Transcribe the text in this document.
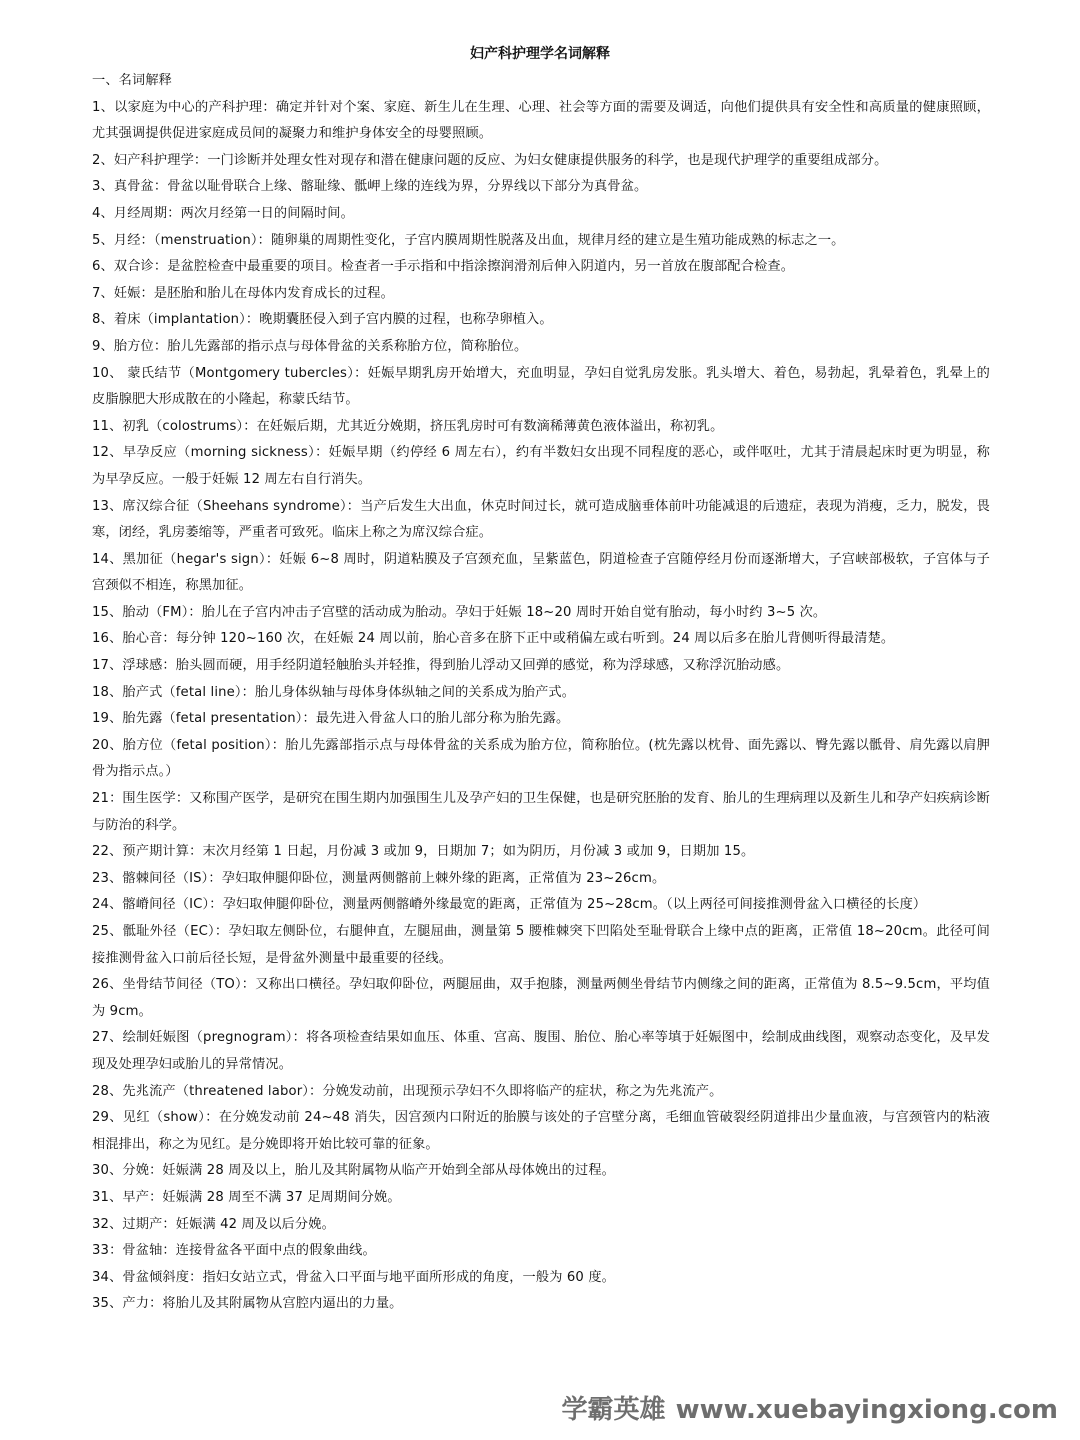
妇产科护理学名词解释

一、名词解释

1、以家庭为中心的产科护理：确定并针对个案、家庭、新生儿在生理、心理、社会等方面的需要及调适，向他们提供具有安全性和高质量的健康照顾，尤其强调提供促进家庭成员间的凝聚力和维护身体安全的母婴照顾。
2、妇产科护理学：一门诊断并处理女性对现存和潜在健康问题的反应、为妇女健康提供服务的科学，也是现代护理学的重要组成部分。
3、真骨盆：骨盆以耻骨联合上缘、髂耻缘、骶岬上缘的连线为界，分界线以下部分为真骨盆。
4、月经周期：两次月经第一日的间隔时间。
5、月经：（menstruation）：随卵巢的周期性变化，子宫内膜周期性脱落及出血，规律月经的建立是生殖功能成熟的标志之一。
6、双合诊：是盆腔检查中最重要的项目。检查者一手示指和中指涂擦润滑剂后伸入阴道内，另一首放在腹部配合检查。
7、妊娠：是胚胎和胎儿在母体内发育成长的过程。
8、着床（implantation）：晚期囊胚侵入到子宫内膜的过程，也称孕卵植入。
9、胎方位：胎儿先露部的指示点与母体骨盆的关系称胎方位，简称胎位。
10、 蒙氏结节（Montgomery tubercles）：妊娠早期乳房开始增大，充血明显，孕妇自觉乳房发胀。乳头增大、着色，易勃起，乳晕着色，乳晕上的皮脂腺肥大形成散在的小隆起，称蒙氏结节。
11、初乳（colostrums）：在妊娠后期，尤其近分娩期，挤压乳房时可有数滴稀薄黄色液体溢出，称初乳。
12、早孕反应（morning sickness）：妊娠早期（约停经 6 周左右），约有半数妇女出现不同程度的恶心，或伴呕吐，尤其于清晨起床时更为明显，称为早孕反应。一般于妊娠 12 周左右自行消失。
13、席汉综合征（Sheehans syndrome）：当产后发生大出血，休克时间过长，就可造成脑垂体前叶功能减退的后遗症，表现为消瘦，乏力，脱发，畏寒，闭经，乳房萎缩等，严重者可致死。临床上称之为席汉综合症。
14、黑加征（hegar's sign）：妊娠 6~8 周时，阴道粘膜及子宫颈充血，呈紫蓝色，阴道检查子宫随停经月份而逐渐增大，子宫峡部极软，子宫体与子宫颈似不相连，称黑加征。
15、胎动（FM）：胎儿在子宫内冲击子宫壁的活动成为胎动。孕妇于妊娠 18~20 周时开始自觉有胎动，每小时约 3~5 次。
16、胎心音：每分钟 120~160 次，在妊娠 24 周以前，胎心音多在脐下正中或稍偏左或右听到。24 周以后多在胎儿背侧听得最清楚。
17、浮球感：胎头圆而硬，用手经阴道轻触胎头并轻推，得到胎儿浮动又回弹的感觉，称为浮球感，又称浮沉胎动感。
18、胎产式（fetal line）：胎儿身体纵轴与母体身体纵轴之间的关系成为胎产式。
19、胎先露（fetal presentation）：最先进入骨盆人口的胎儿部分称为胎先露。
20、胎方位（fetal position）：胎儿先露部指示点与母体骨盆的关系成为胎方位，简称胎位。(枕先露以枕骨、面先露以、臀先露以骶骨、肩先露以肩胛骨为指示点。）
21：围生医学：又称围产医学，是研究在围生期内加强围生儿及孕产妇的卫生保健，也是研究胚胎的发育、胎儿的生理病理以及新生儿和孕产妇疾病诊断与防治的科学。
22、预产期计算：末次月经第 1 日起，月份减 3 或加 9，日期加 7；如为阴历，月份减 3 或加 9，日期加 15。
23、髂棘间径（IS）：孕妇取伸腿仰卧位，测量两侧髂前上棘外缘的距离，正常值为 23~26cm。
24、髂嵴间径（IC）：孕妇取伸腿仰卧位，测量两侧髂嵴外缘最宽的距离，正常值为 25~28cm。（以上两径可间接推测骨盆入口横径的长度）
25、骶耻外径（EC）：孕妇取左侧卧位，右腿伸直，左腿屈曲，测量第 5 腰椎棘突下凹陷处至耻骨联合上缘中点的距离，正常值 18~20cm。此径可间接推测骨盆入口前后径长短，是骨盆外测量中最重要的径线。
26、坐骨结节间径（TO）：又称出口横径。孕妇取仰卧位，两腿屈曲，双手抱膝，测量两侧坐骨结节内侧缘之间的距离，正常值为 8.5~9.5cm，平均值为 9cm。
27、绘制妊娠图（pregnogram）：将各项检查结果如血压、体重、宫高、腹围、胎位、胎心率等填于妊娠图中，绘制成曲线图，观察动态变化，及早发现及处理孕妇或胎儿的异常情况。
28、先兆流产（threatened labor）：分娩发动前，出现预示孕妇不久即将临产的症状，称之为先兆流产。
29、见红（show）：在分娩发动前 24~48 消失，因宫颈内口附近的胎膜与该处的子宫壁分离，毛细血管破裂经阴道排出少量血液，与宫颈管内的粘液相混排出，称之为见红。是分娩即将开始比较可靠的征象。
30、分娩：妊娠满 28 周及以上，胎儿及其附属物从临产开始到全部从母体娩出的过程。
31、早产：妊娠满 28 周至不满 37 足周期间分娩。
32、过期产：妊娠满 42 周及以后分娩。
33：骨盆轴：连接骨盆各平面中点的假象曲线。
34、骨盆倾斜度：指妇女站立式，骨盆入口平面与地平面所形成的角度，一般为 60 度。
35、产力：将胎儿及其附属物从宫腔内逼出的力量。
学霸英雄 www.xuebayingxiong.com
